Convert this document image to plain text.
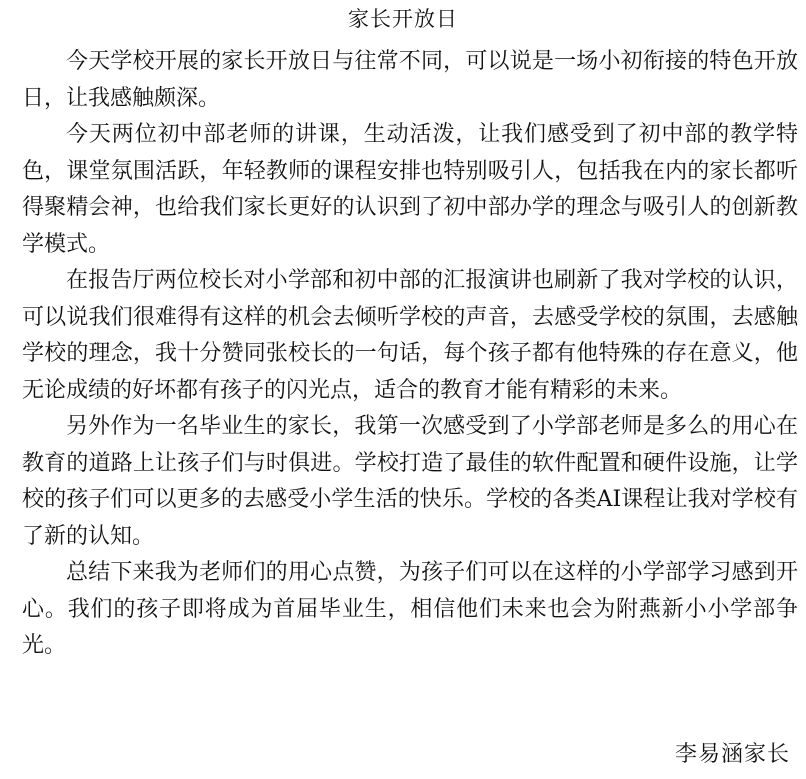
家长开放日

今天学校开展的家长开放日与往常不同，可以说是一场小初衔接的特色开放日，让我感触颇深。

今天两位初中部老师的讲课，生动活泼，让我们感受到了初中部的教学特色，课堂氛围活跃，年轻教师的课程安排也特别吸引人，包括我在内的家长都听得聚精会神，也给我们家长更好的认识到了初中部办学的理念与吸引人的创新教学模式。

在报告厅两位校长对小学部和初中部的汇报演讲也刷新了我对学校的认识，可以说我们很难得有这样的机会去倾听学校的声音，去感受学校的氛围，去感触学校的理念，我十分赞同张校长的一句话，每个孩子都有他特殊的存在意义，他无论成绩的好坏都有孩子的闪光点，适合的教育才能有精彩的未来。

另外作为一名毕业生的家长，我第一次感受到了小学部老师是多么的用心在教育的道路上让孩子们与时俱进。学校打造了最佳的软件配置和硬件设施，让学校的孩子们可以更多的去感受小学生活的快乐。学校的各类AI课程让我对学校有了新的认知。

总结下来我为老师们的用心点赞，为孩子们可以在这样的小学部学习感到开心。我们的孩子即将成为首届毕业生，相信他们未来也会为附燕新小小学部争光。

李易涵家长
